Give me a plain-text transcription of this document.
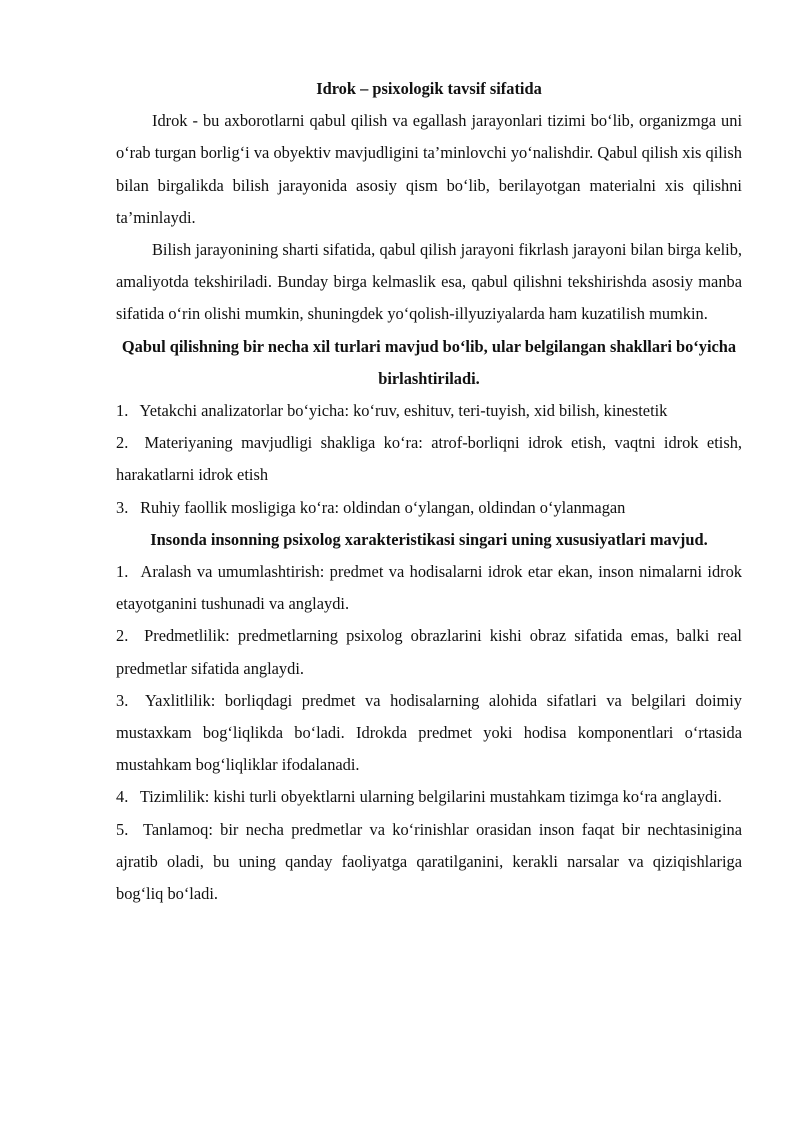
Idrok – psixologik tavsif sifatida

Idrok - bu axborotlarni qabul qilish va egallash jarayonlari tizimi bo‘lib, organizmga uni o‘rab turgan borlig‘i va obyektiv mavjudligini ta’minlovchi yo‘nalishdir. Qabul qilish xis qilish bilan birgalikda bilish jarayonida asosiy qism bo‘lib, berilayotgan materialni xis qilishni ta’minlaydi.

Bilish jarayonining sharti sifatida, qabul qilish jarayoni fikrlash jarayoni bilan birga kelib, amaliyotda tekshiriladi. Bunday birga kelmaslik esa, qabul qilishni tekshirishda asosiy manba sifatida o‘rin olishi mumkin, shuningdek yo‘qolish-illyuziyalarda ham kuzatilish mumkin.

Qabul qilishning bir necha xil turlari mavjud bo‘lib, ular belgilangan shakllari bo‘yicha birlashtiriladi.

1. Yetakchi analizatorlar bo‘yicha: ko‘ruv, eshituv, teri-tuyish, xid bilish, kinestetik

2. Materiyaning mavjudligi shakliga ko‘ra: atrof-borliqni idrok etish, vaqtni idrok etish, harakatlarni idrok etish

3. Ruhiy faollik mosligiga ko‘ra: oldindan o‘ylangan, oldindan o‘ylanmagan

Insonda insonning psixolog xarakteristikasi singari uning xususiyatlari mavjud.

1. Aralash va umumlashtirish: predmet va hodisalarni idrok etar ekan, inson nimalarni idrok etayotganini tushunadi va anglaydi.

2. Predmetlilik: predmetlarning psixolog obrazlarini kishi obraz sifatida emas, balki real predmetlar sifatida anglaydi.

3. Yaxlitlilik: borliqdagi predmet va hodisalarning alohida sifatlari va belgilari doimiy mustaxkam bog‘liqlikda bo‘ladi. Idrokda predmet yoki hodisa komponentlari o‘rtasida mustahkam bog‘liqliklar ifodalanadi.

4. Tizimlilik: kishi turli obyektlarni ularning belgilarini mustahkam tizimga ko‘ra anglaydi.

5. Tanlamoq: bir necha predmetlar va ko‘rinishlar orasidan inson faqat bir nechtasinigina ajratib oladi, bu uning qanday faoliyatga qaratilganini, kerakli narsalar va qiziqishlariga bog‘liq bo‘ladi.
